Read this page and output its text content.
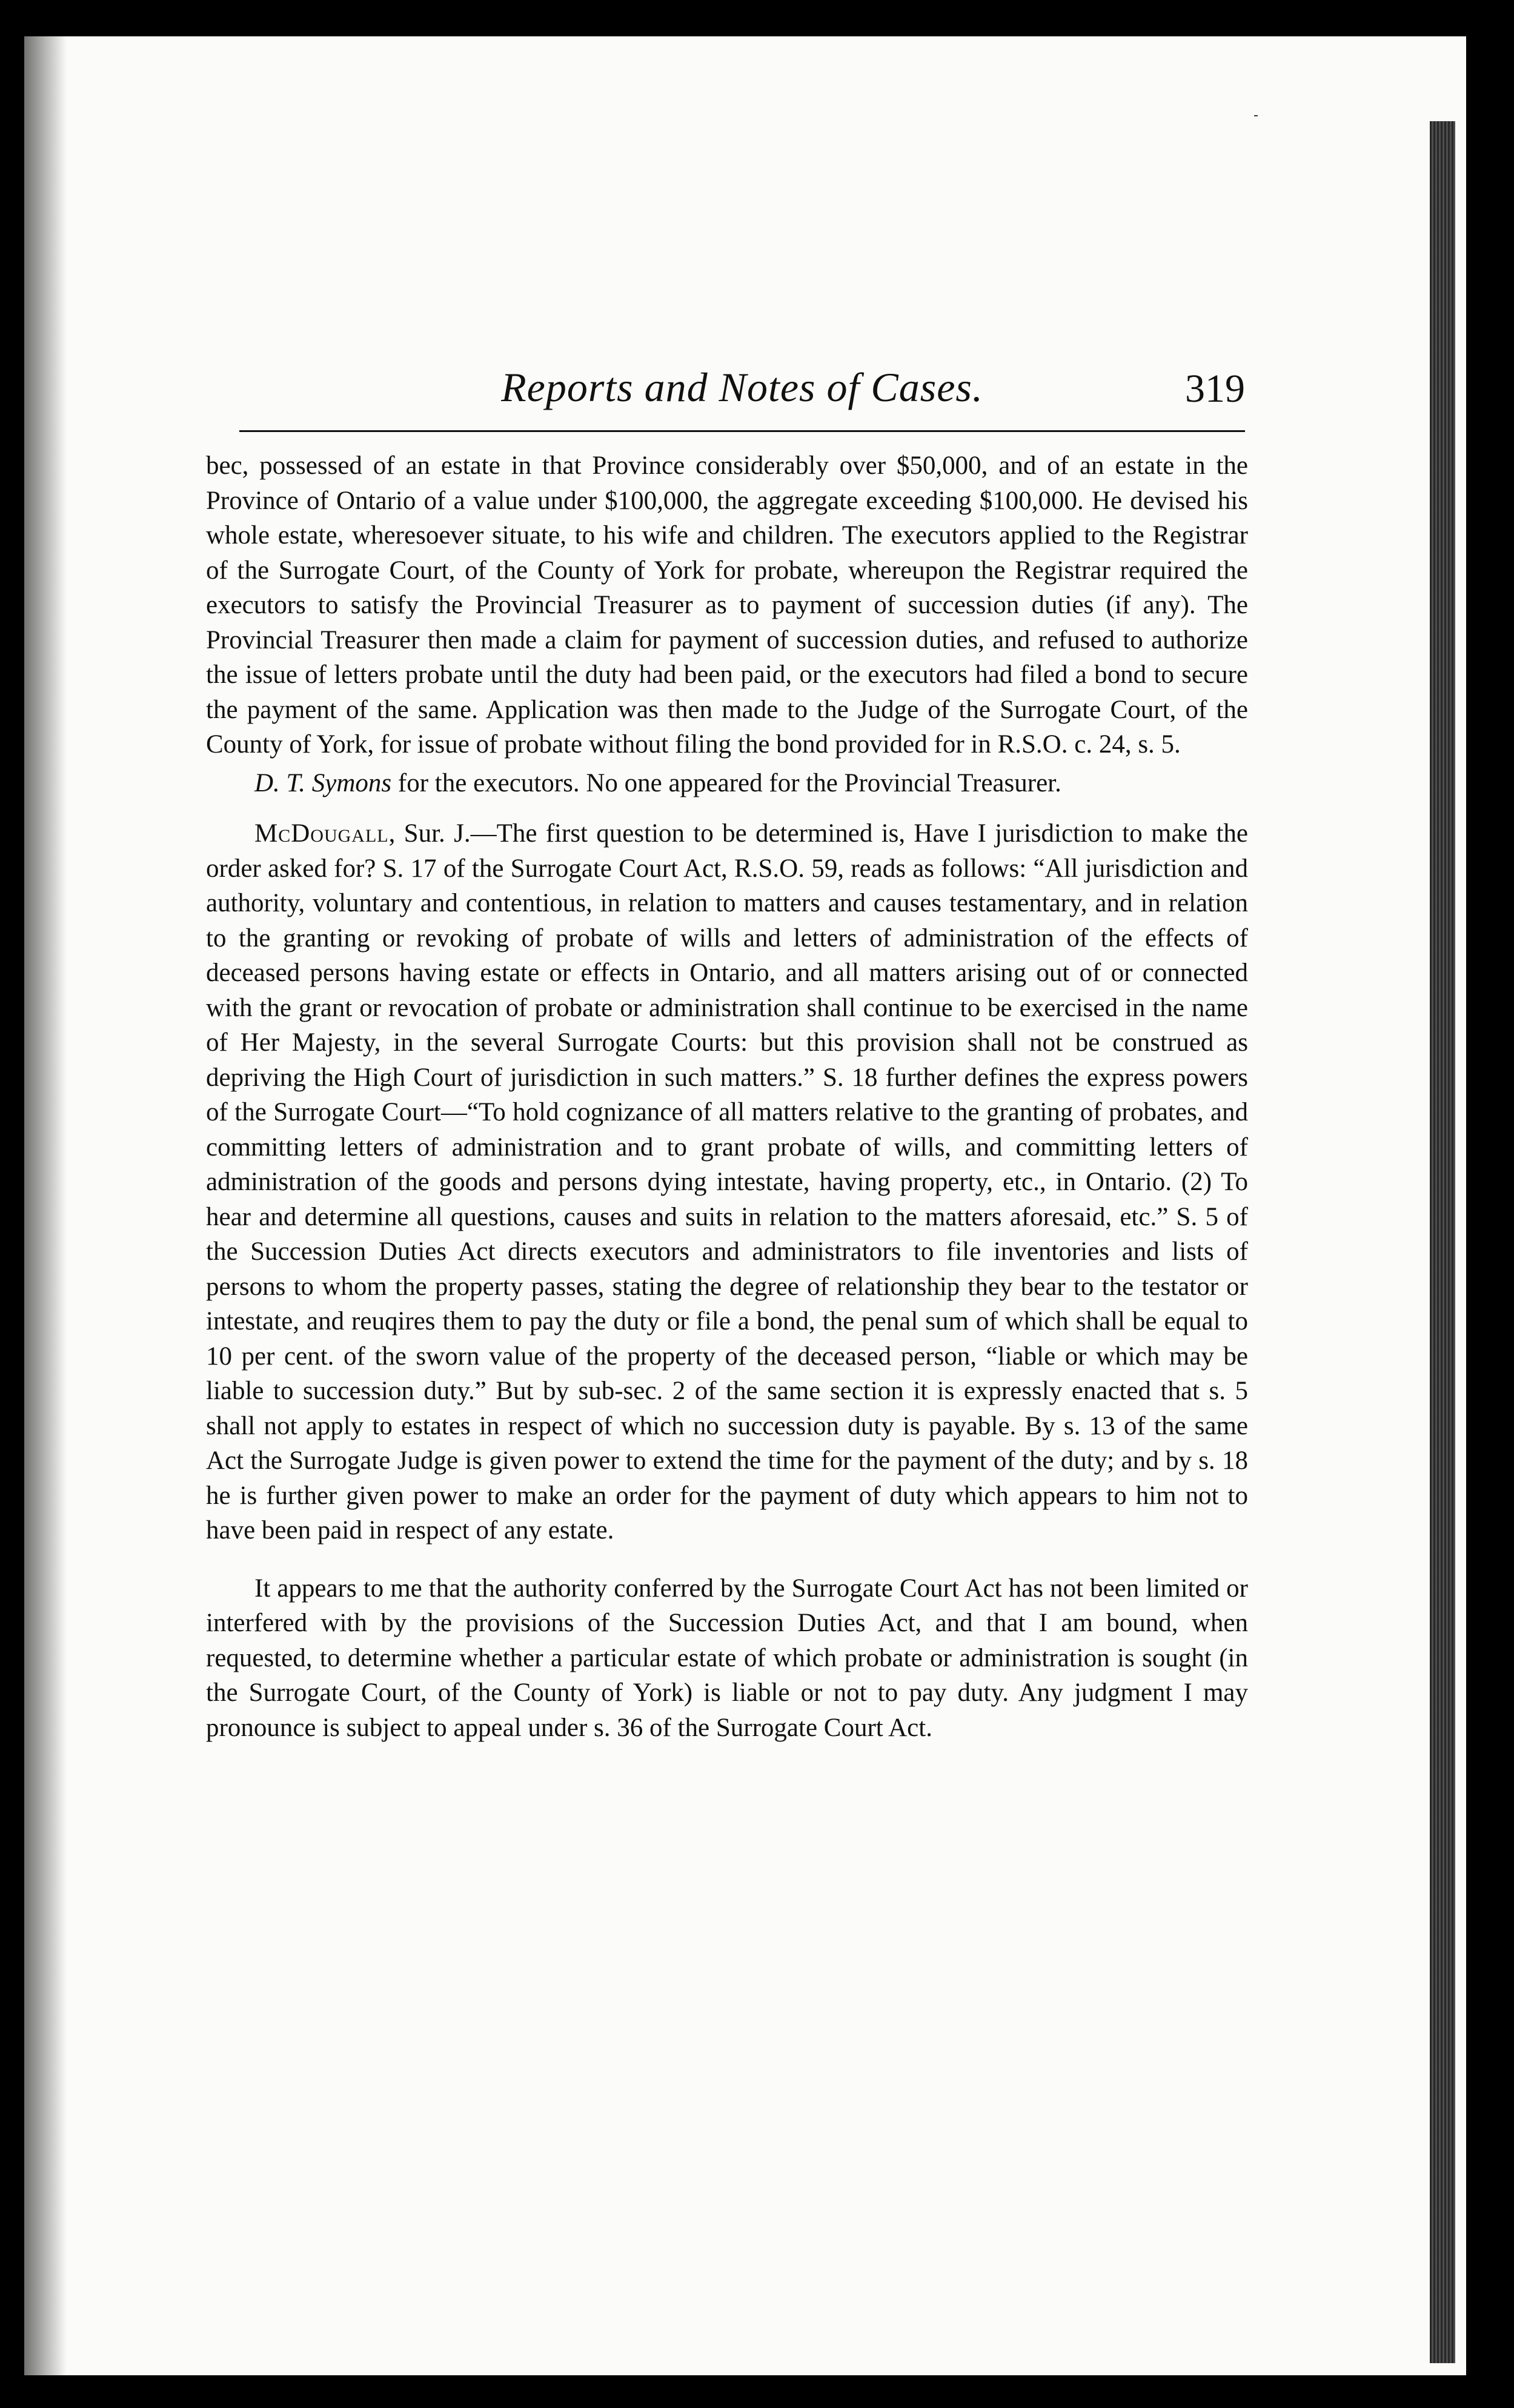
Reports and Notes of Cases.	319

bec, possessed of an estate in that Province considerably over $50,000, and of an estate in the Province of Ontario of a value under $100,000, the aggregate exceeding $100,000. He devised his whole estate, wheresoever situate, to his wife and children. The executors applied to the Registrar of the Surrogate Court, of the County of York for probate, whereupon the Registrar required the executors to satisfy the Provincial Treasurer as to payment of succession duties (if any). The Provincial Treasurer then made a claim for payment of succession duties, and refused to authorize the issue of letters probate until the duty had been paid, or the executors had filed a bond to secure the payment of the same. Application was then made to the Judge of the Surrogate Court, of the County of York, for issue of probate without filing the bond provided for in R.S.O. c. 24, s. 5.

D. T. Symons for the executors. No one appeared for the Provincial Treasurer.

McDougall, Sur. J.—The first question to be determined is, Have I jurisdiction to make the order asked for? S. 17 of the Surrogate Court Act, R.S.O. 59, reads as follows: “All jurisdiction and authority, voluntary and contentious, in relation to matters and causes testamentary, and in relation to the granting or revoking of probate of wills and letters of administration of the effects of deceased persons having estate or effects in Ontario, and all matters arising out of or connected with the grant or revocation of probate or administration shall continue to be exercised in the name of Her Majesty, in the several Surrogate Courts: but this provision shall not be construed as depriving the High Court of jurisdiction in such matters.” S. 18 further defines the express powers of the Surrogate Court—“To hold cognizance of all matters relative to the granting of probates, and committing letters of administration and to grant probate of wills, and committing letters of administration of the goods and persons dying intestate, having property, etc., in Ontario. (2) To hear and determine all questions, causes and suits in relation to the matters aforesaid, etc.” S. 5 of the Succession Duties Act directs executors and administrators to file inventories and lists of persons to whom the property passes, stating the degree of relationship they bear to the testator or intestate, and reuqires them to pay the duty or file a bond, the penal sum of which shall be equal to 10 per cent. of the sworn value of the property of the deceased person, “liable or which may be liable to succession duty.” But by sub-sec. 2 of the same section it is expressly enacted that s. 5 shall not apply to estates in respect of which no succession duty is payable. By s. 13 of the same Act the Surrogate Judge is given power to extend the time for the payment of the duty; and by s. 18 he is further given power to make an order for the payment of duty which appears to him not to have been paid in respect of any estate.

It appears to me that the authority conferred by the Surrogate Court Act has not been limited or interfered with by the provisions of the Succession Duties Act, and that I am bound, when requested, to determine whether a particular estate of which probate or administration is sought (in the Surrogate Court, of the County of York) is liable or not to pay duty. Any judgment I may pronounce is subject to appeal under s. 36 of the Surrogate Court Act.
